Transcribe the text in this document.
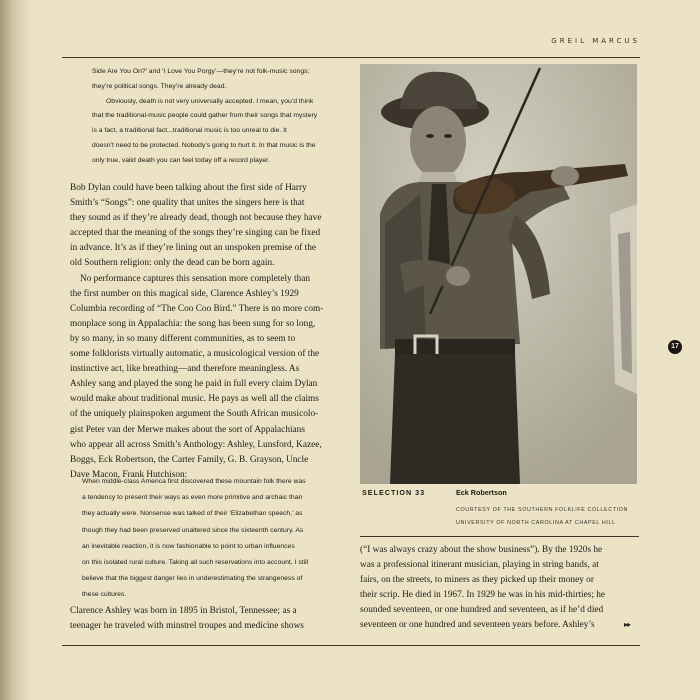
GREIL MARCUS

Side Are You On?’ and ‘I Love You Porgy’—they’re not folk-music songs;

they’re political songs. They’re already dead.

Obviously, death is not very universally accepted. I mean, you’d think

that the traditional-music people could gather from their songs that mystery

is a fact, a traditional fact...traditional music is too unreal to die. It

doesn’t need to be protected. Nobody’s going to hurt it. In that music is the

only true, valid death you can feel today off a record player.

Bob Dylan could have been talking about the first side of Harry

Smith’s “Songs”: one quality that unites the singers here is that

they sound as if they’re already dead, though not because they have

accepted that the meaning of the songs they’re singing can be fixed

in advance. It’s as if they’re lining out an unspoken premise of the

old Southern religion: only the dead can be born again.

No performance captures this sensation more completely than

the first number on this magical side, Clarence Ashley’s 1929

Columbia recording of “The Coo Coo Bird.” There is no more com-

monplace song in Appalachia: the song has been sung for so long,

by so many, in so many different communities, as to seem to

some folklorists virtually automatic, a musicological version of the

instinctive act, like breathing—and therefore meaningless. As

Ashley sang and played the song he paid in full every claim Dylan

would make about traditional music. He pays as well all the claims

of the uniquely plainspoken argument the South African musicolo-

gist Peter van der Merwe makes about the sort of Appalachians

who appear all across Smith’s Anthology: Ashley, Lunsford, Kazee,

Boggs, Eck Robertson, the Carter Family, G. B. Grayson, Uncle

Dave Macon, Frank Hutchison:

When middle-class America first discovered these mountain folk there was
a tendency to present their ways as even more primitive and archaic than
they actually were. Nonsense was talked of their ‘Elizabethan speech,’ as
though they had been preserved unaltered since the sixteenth century. As
an inevitable reaction, it is now fashionable to point to urban influences
on this isolated rural culture. Taking all such reservations into account, I still
believe that the biggest danger lies in underestimating the strangeness of
these cultures.

Clarence Ashley was born in 1895 in Bristol, Tennessee; as a

teenager he traveled with minstrel troupes and medicine shows

SELECTION 33	Eck Robertson
COURTESY OF THE SOUTHERN FOLKLIFE COLLECTION
UNIVERSITY OF NORTH CAROLINA AT CHAPEL HILL

(“I was always crazy about the show business”). By the 1920s he

was a professional itinerant musician, playing in string bands, at

fairs, on the streets, to miners as they picked up their money or

their scrip. He died in 1967. In 1929 he was in his mid-thirties; he

sounded seventeen, or one hundred and seventeen, as if he’d died

seventeen or one hundred and seventeen years before. Ashley’s	▸▸
17
